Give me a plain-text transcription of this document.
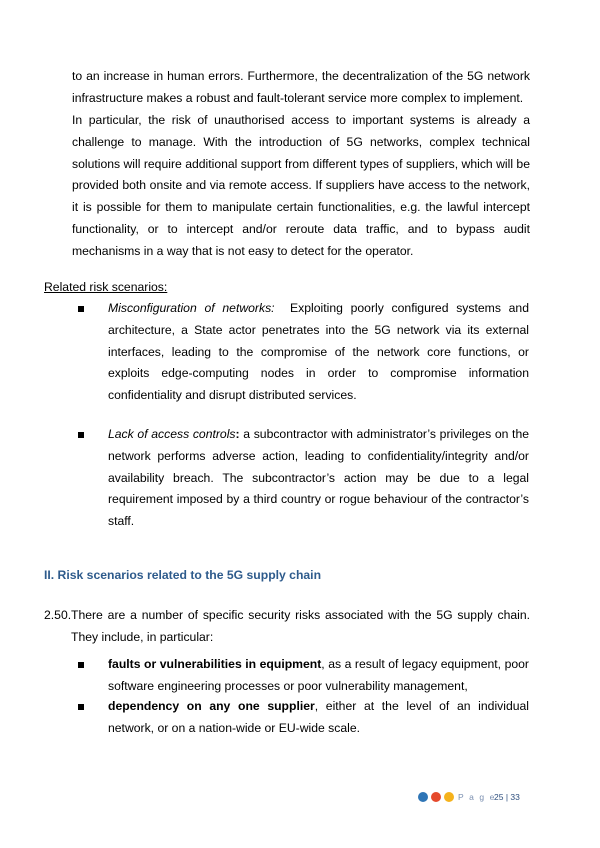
to an increase in human errors. Furthermore, the decentralization of the 5G network infrastructure makes a robust and fault-tolerant service more complex to implement.

In particular, the risk of unauthorised access to important systems is already a challenge to manage. With the introduction of 5G networks, complex technical solutions will require additional support from different types of suppliers, which will be provided both onsite and via remote access. If suppliers have access to the network, it is possible for them to manipulate certain functionalities, e.g. the lawful intercept functionality, or to intercept and/or reroute data traffic, and to bypass audit mechanisms in a way that is not easy to detect for the operator.

Related risk scenarios:
Misconfiguration of networks:  Exploiting poorly configured systems and architecture, a State actor penetrates into the 5G network via its external interfaces, leading to the compromise of the network core functions, or exploits edge-computing nodes in order to compromise information confidentiality and disrupt distributed services.
Lack of access controls: a subcontractor with administrator’s privileges on the network performs adverse action, leading to confidentiality/integrity and/or availability breach. The subcontractor’s action may be due to a legal requirement imposed by a third country or rogue behaviour of the contractor’s staff.
II. Risk scenarios related to the 5G supply chain
2.50. There are a number of specific security risks associated with the 5G supply chain. They include, in particular:
faults or vulnerabilities in equipment, as a result of legacy equipment, poor software engineering processes or poor vulnerability management,
dependency on any one supplier, either at the level of an individual network, or on a nation-wide or EU-wide scale.
P a g e
25 | 33
